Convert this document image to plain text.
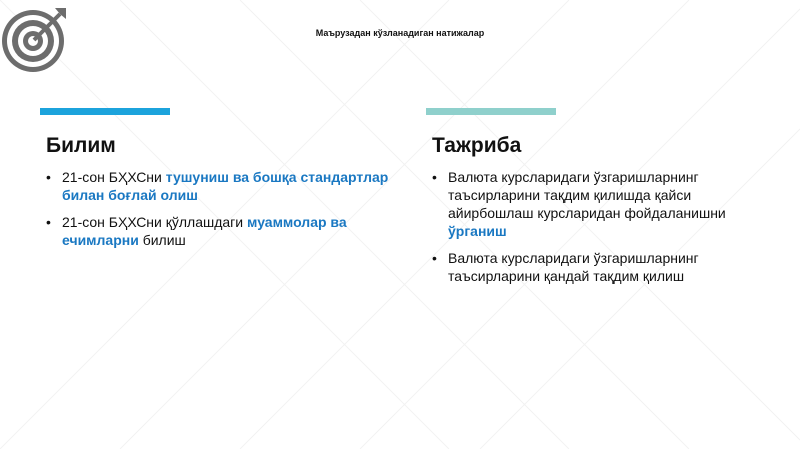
Маърузадан кўзланадиган натижалар
Билим
• 21-сон БҲХСни тушуниш ва бошқа стандартлар билан боғлай олиш
• 21-сон БҲХСни қўллашдаги муаммолар ва ечимларни билиш
Тажриба
• Валюта курсларидаги ўзгаришларнинг таъсирларини тақдим қилишда қайси айирбошлаш курсларидан фойдаланишни ўрганиш
• Валюта курсларидаги ўзгаришларнинг таъсирларини қандай тақдим қилиш
